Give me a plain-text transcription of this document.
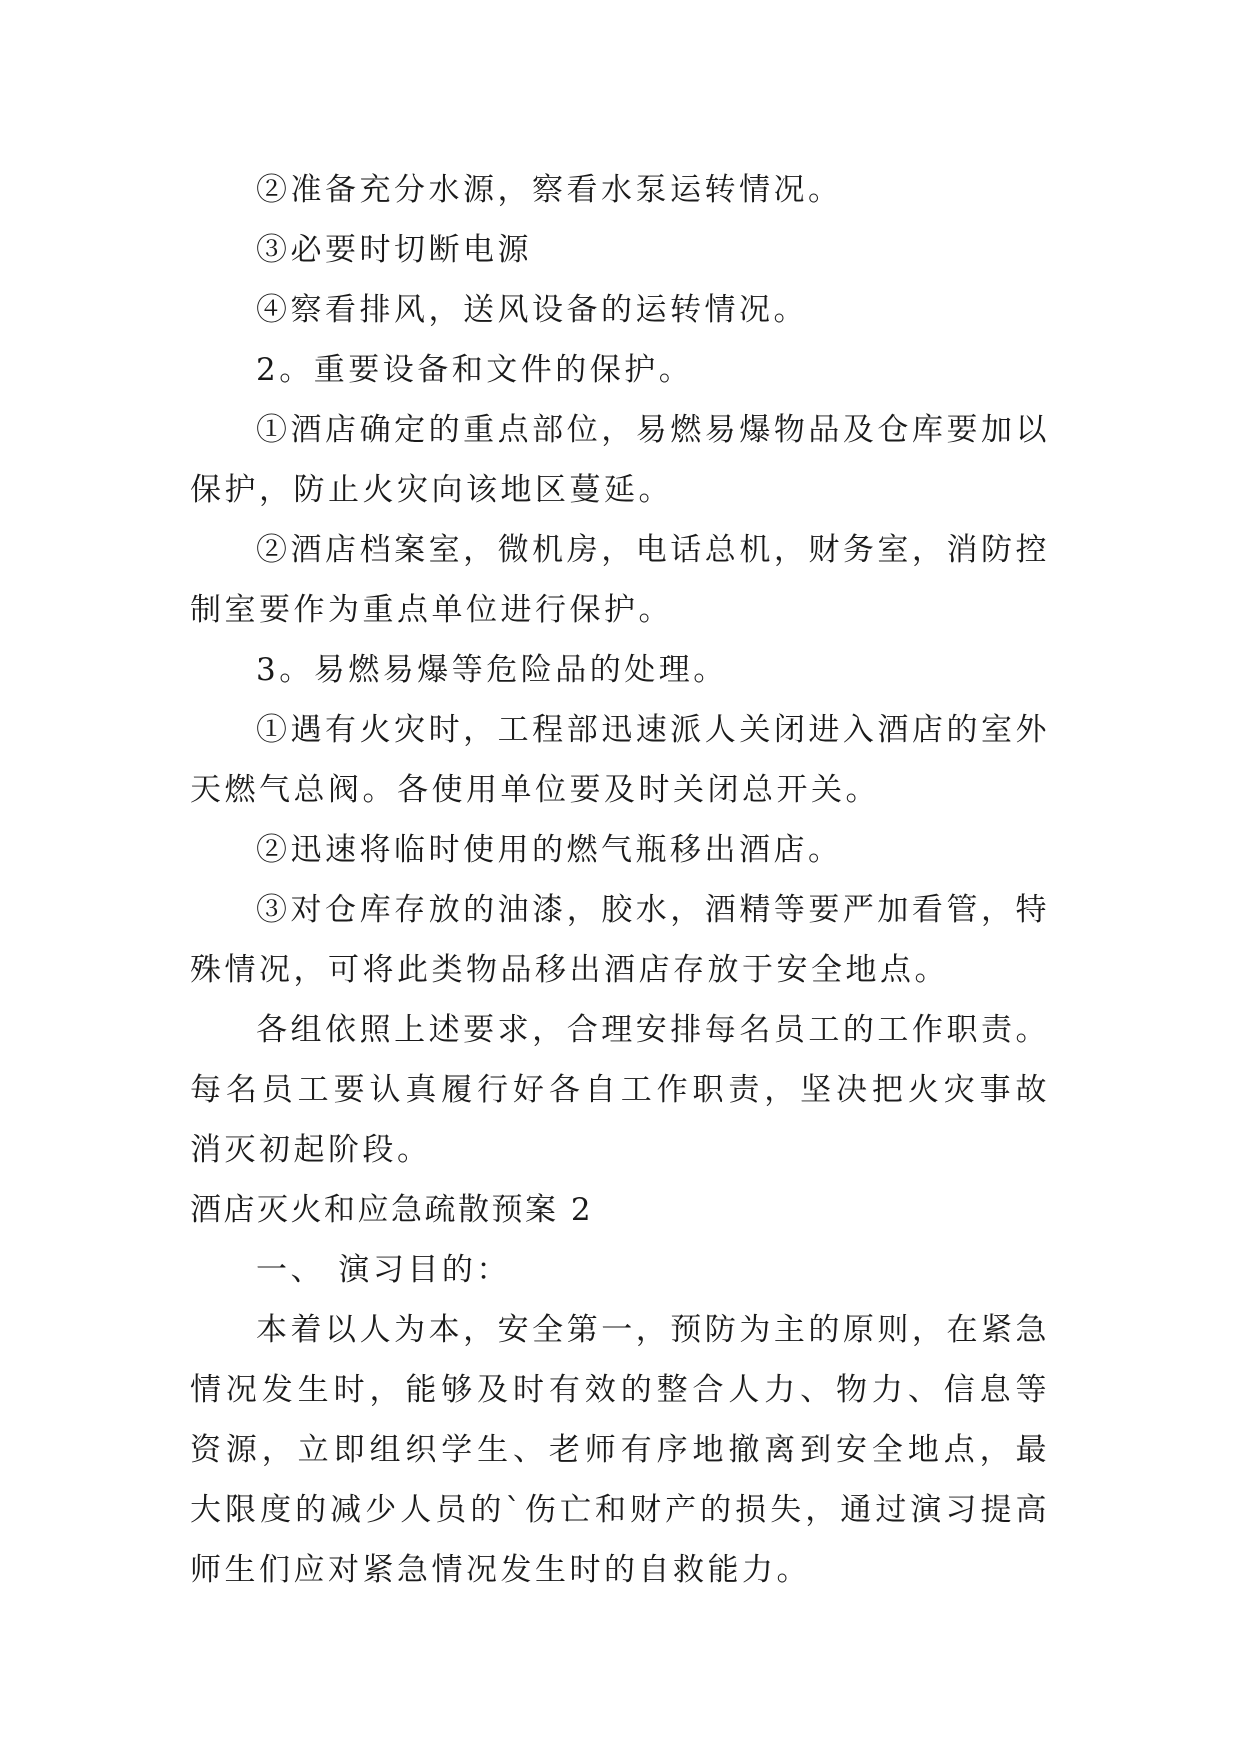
②准备充分水源，察看水泵运转情况。

③必要时切断电源

④察看排风，送风设备的运转情况。

2。重要设备和文件的保护。

①酒店确定的重点部位，易燃易爆物品及仓库要加以保护，防止火灾向该地区蔓延。

②酒店档案室，微机房，电话总机，财务室，消防控制室要作为重点单位进行保护。

3。易燃易爆等危险品的处理。

①遇有火灾时，工程部迅速派人关闭进入酒店的室外天燃气总阀。各使用单位要及时关闭总开关。

②迅速将临时使用的燃气瓶移出酒店。

③对仓库存放的油漆，胶水，酒精等要严加看管，特殊情况，可将此类物品移出酒店存放于安全地点。

各组依照上述要求，合理安排每名员工的工作职责。每名员工要认真履行好各自工作职责，坚决把火灾事故消灭初起阶段。

酒店灭火和应急疏散预案 2

一、 演习目的：

本着以人为本，安全第一，预防为主的原则，在紧急情况发生时，能够及时有效的整合人力、物力、信息等资源，立即组织学生、老师有序地撤离到安全地点，最大限度的减少人员的`伤亡和财产的损失，通过演习提高师生们应对紧急情况发生时的自救能力。
